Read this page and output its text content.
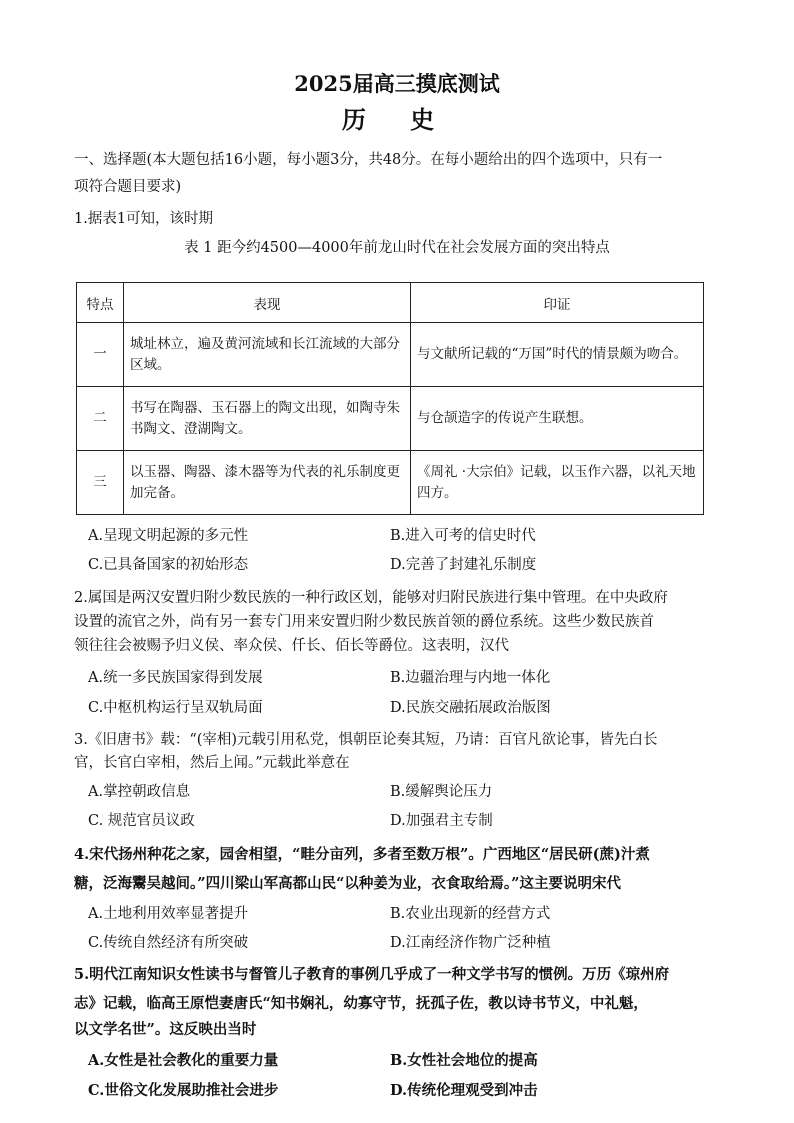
2025届高三摸底测试
历 史
一、选择题(本大题包括16小题，每小题3分，共48分。在每小题给出的四个选项中，只有一
项符合题目要求)
1.据表1可知，该时期
表 1 距今约4500—4000年前龙山时代在社会发展方面的突出特点
特点	表现	印证
一	城址林立，遍及黄河流域和长江流域的大部分区域。	与文献所记载的“万国”时代的情景颇为吻合。
二	书写在陶器、玉石器上的陶文出现，如陶寺朱书陶文、澄湖陶文。	与仓颉造字的传说产生联想。
三	以玉器、陶器、漆木器等为代表的礼乐制度更加完备。	《周礼 ·大宗伯》记载，以玉作六器，以礼天地四方。
A.呈现文明起源的多元性	B.进入可考的信史时代
C.已具备国家的初始形态	D.完善了封建礼乐制度
2.属国是两汉安置归附少数民族的一种行政区划，能够对归附民族进行集中管理。在中央政府
设置的流官之外，尚有另一套专门用来安置归附少数民族首领的爵位系统。这些少数民族首
领往往会被赐予归义侯、率众侯、仟长、佰长等爵位。这表明，汉代
A.统一多民族国家得到发展	B.边疆治理与内地一体化
C.中枢机构运行呈双轨局面	D.民族交融拓展政治版图
3.《旧唐书》载：“(宰相)元载引用私党，惧朝臣论奏其短，乃请：百官凡欲论事，皆先白长
官，长官白宰相，然后上闻。”元载此举意在
A.掌控朝政信息	B.缓解舆论压力
C. 规范官员议政	D.加强君主专制
4.宋代扬州种花之家，园舍相望，“畦分亩列，多者至数万根”。广西地区“居民研(蔗)汁煮
糖，泛海鬻吴越间。”四川梁山军高都山民“以种姜为业，衣食取给焉。”这主要说明宋代
A.土地利用效率显著提升	B.农业出现新的经营方式
C.传统自然经济有所突破	D.江南经济作物广泛种植
5.明代江南知识女性读书与督管儿子教育的事例几乎成了一种文学书写的惯例。万历《琼州府
志》记载，临高王原恺妻唐氏“知书娴礼，幼寡守节，抚孤子佐，教以诗书节义，中礼魁，
以文学名世”。这反映出当时
A.女性是社会教化的重要力量	B.女性社会地位的提高
C.世俗文化发展助推社会进步	D.传统伦理观受到冲击
